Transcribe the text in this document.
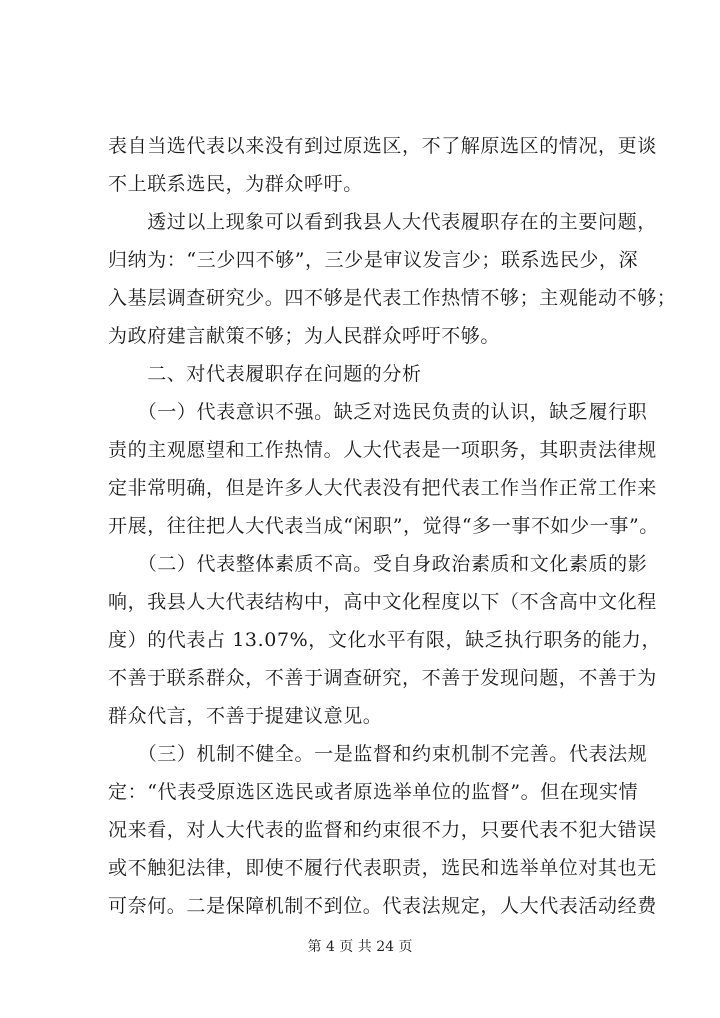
表自当选代表以来没有到过原选区，不了解原选区的情况，更谈
不上联系选民，为群众呼吁。
　　透过以上现象可以看到我县人大代表履职存在的主要问题，
归纳为：“三少四不够”，三少是审议发言少；联系选民少，深
入基层调查研究少。四不够是代表工作热情不够；主观能动不够；
为政府建言献策不够；为人民群众呼吁不够。
　　二、对代表履职存在问题的分析
　　（一）代表意识不强。缺乏对选民负责的认识，缺乏履行职
责的主观愿望和工作热情。人大代表是一项职务，其职责法律规
定非常明确，但是许多人大代表没有把代表工作当作正常工作来
开展，往往把人大代表当成“闲职”，觉得“多一事不如少一事”。
　　（二）代表整体素质不高。受自身政治素质和文化素质的影
响，我县人大代表结构中，高中文化程度以下（不含高中文化程
度）的代表占 13.07%，文化水平有限，缺乏执行职务的能力，
不善于联系群众，不善于调查研究，不善于发现问题，不善于为
群众代言，不善于提建议意见。
　　（三）机制不健全。一是监督和约束机制不完善。代表法规
定：“代表受原选区选民或者原选举单位的监督”。但在现实情
况来看，对人大代表的监督和约束很不力，只要代表不犯大错误
或不触犯法律，即使不履行代表职责，选民和选举单位对其也无
可奈何。二是保障机制不到位。代表法规定，人大代表活动经费
第 4 页 共 24 页
